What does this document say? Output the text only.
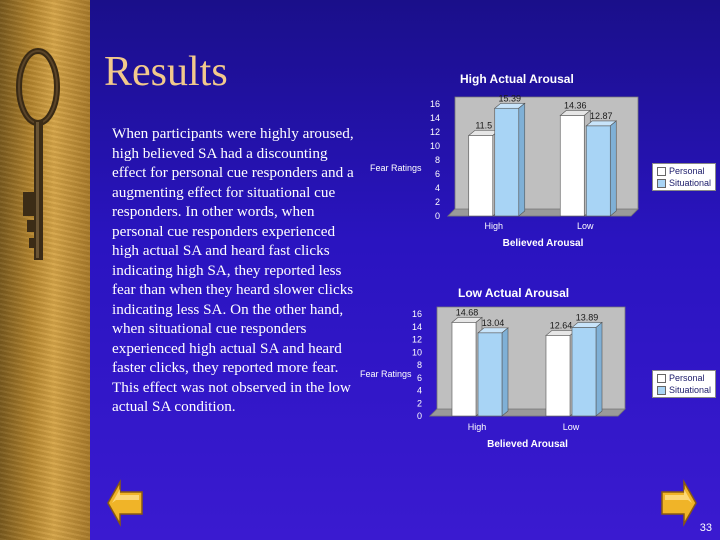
Results

When participants were highly aroused, high believed SA had a discounting effect for personal cue responders and a augmenting effect for situational cue responders. In other words, when personal cue responders experienced high actual SA and heard fast clicks indicating high SA, they reported less fear than when they heard slower clicks indicating less SA. On the other hand, when situational cue responders experienced high actual SA and heard faster clicks, they reported more fear. This effect was not observed in the low actual SA condition.

High Actual Arousal
0
2
4
6
8
10
12
14
16
Fear Ratings
11.5
15.39
High
14.36
12.87
Low
Believed Arousal
Personal
Situational
Low Actual Arousal
0
2
4
6
8
10
12
14
16
Fear Ratings
14.68
13.04
High
12.64
13.89
Low
Believed Arousal
Personal
Situational
33
